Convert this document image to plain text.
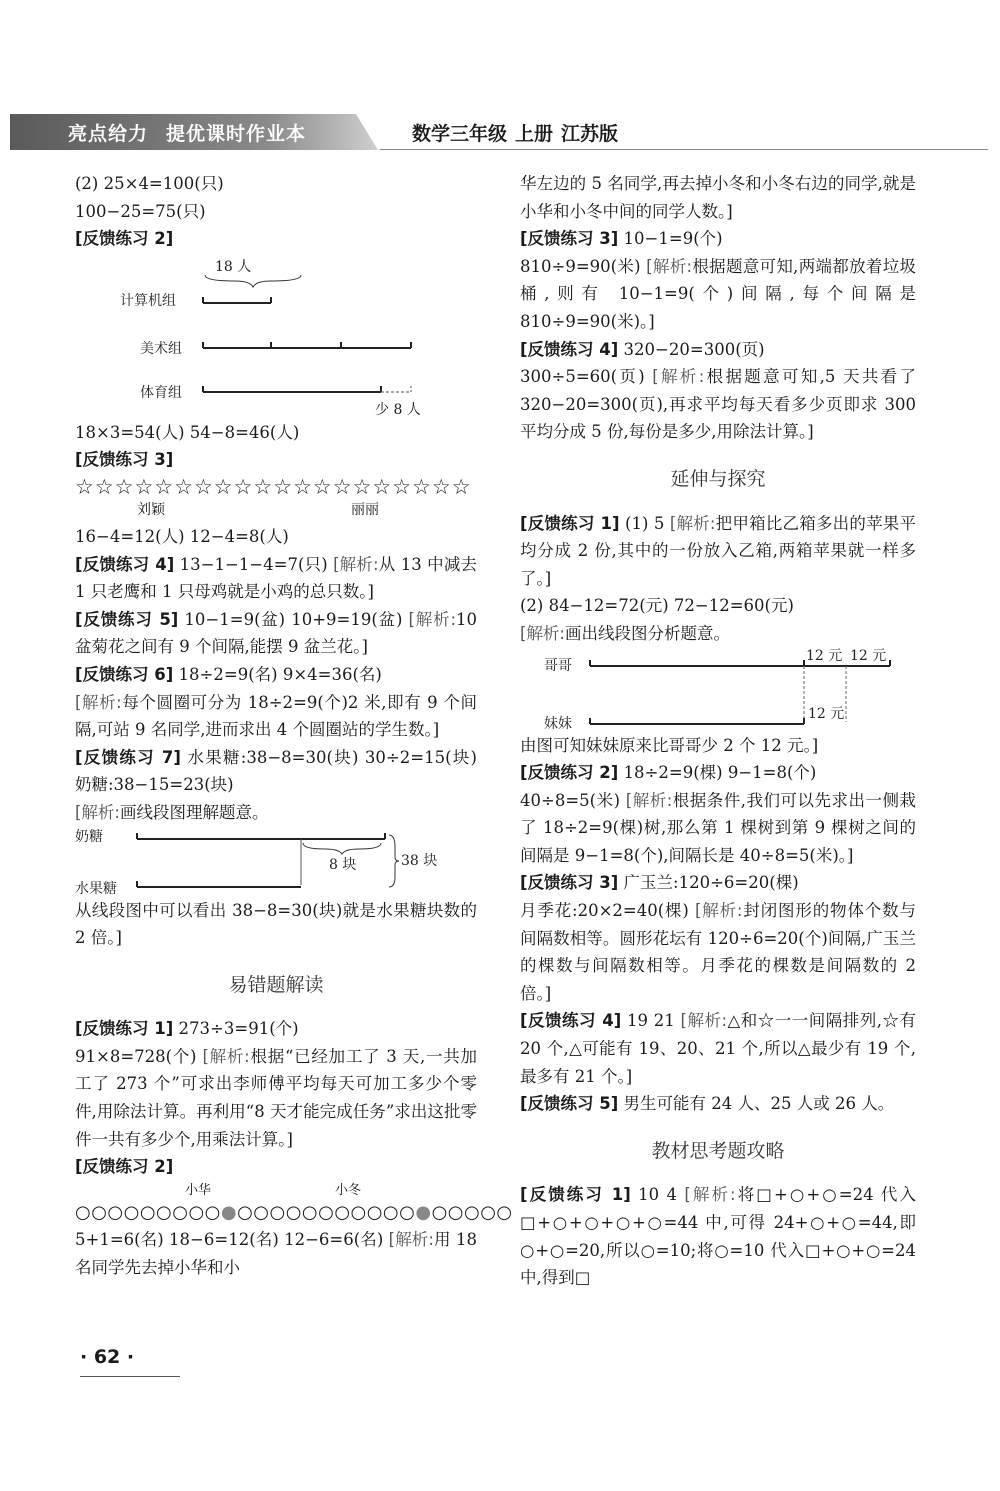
亮点给力 提优课时作业本	数学三年级 上册 江苏版

(2) 25×4=100(只)

100−25=75(只)

[反馈练习 2]

18 人
计算机组
美术组
体育组
少 8 人

18×3=54(人) 54−8=46(人)

[反馈练习 3]

☆☆☆☆☆☆☆☆☆☆☆☆☆☆☆☆☆☆☆☆

刘颖	丽丽

16−4=12(人) 12−4=8(人)

[反馈练习 4] 13−1−1−4=7(只) [解析:从 13 中减去 1 只老鹰和 1 只母鸡就是小鸡的总只数。]

[反馈练习 5] 10−1=9(盆) 10+9=19(盆) [解析:10 盆菊花之间有 9 个间隔,能摆 9 盆兰花。]

[反馈练习 6] 18÷2=9(名) 9×4=36(名)

[解析:每个圆圈可分为 18÷2=9(个)2 米,即有 9 个间隔,可站 9 名同学,进而求出 4 个圆圈站的学生数。]

[反馈练习 7] 水果糖:38−8=30(块) 30÷2=15(块) 奶糖:38−15=23(块)

[解析:画线段图理解题意。

奶糖
8 块	38 块
水果糖

从线段图中可以看出 38−8=30(块)就是水果糖块数的 2 倍。]

易错题解读

[反馈练习 1] 273÷3=91(个)

91×8=728(个) [解析:根据“已经加工了 3 天,一共加工了 273 个”可求出李师傅平均每天可加工多少个零件,用除法计算。再利用“8 天才能完成任务”求出这批零件一共有多少个,用乘法计算。]

[反馈练习 2]

小华	小冬

○○○○○○○○○●○○○○○○○○○○○●○○○○○

5+1=6(名) 18−6=12(名) 12−6=6(名) [解析:用 18 名同学先去掉小华和小

华左边的 5 名同学,再去掉小冬和小冬右边的同学,就是小华和小冬中间的同学人数。]

[反馈练习 3] 10−1=9(个)

810÷9=90(米) [解析:根据题意可知,两端都放着垃圾桶,则有 10−1=9(个)间隔,每个间隔是 810÷9=90(米)。]

[反馈练习 4] 320−20=300(页)

300÷5=60(页) [解析:根据题意可知,5 天共看了 320−20=300(页),再求平均每天看多少页即求 300 平均分成 5 份,每份是多少,用除法计算。]

延伸与探究

[反馈练习 1] (1) 5 [解析:把甲箱比乙箱多出的苹果平均分成 2 份,其中的一份放入乙箱,两箱苹果就一样多了。]

(2) 84−12=72(元) 72−12=60(元)

[解析:画出线段图分析题意。

哥哥
12 元 12 元
妹妹
12 元

由图可知妹妹原来比哥哥少 2 个 12 元。]

[反馈练习 2] 18÷2=9(棵) 9−1=8(个)

40÷8=5(米) [解析:根据条件,我们可以先求出一侧栽了 18÷2=9(棵)树,那么第 1 棵树到第 9 棵树之间的间隔是 9−1=8(个),间隔长是 40÷8=5(米)。]

[反馈练习 3] 广玉兰:120÷6=20(棵)

月季花:20×2=40(棵) [解析:封闭图形的物体个数与间隔数相等。圆形花坛有 120÷6=20(个)间隔,广玉兰的棵数与间隔数相等。月季花的棵数是间隔数的 2 倍。]

[反馈练习 4] 19 21 [解析:△和☆一一间隔排列,☆有 20 个,△可能有 19、20、21 个,所以△最少有 19 个,最多有 21 个。]

[反馈练习 5] 男生可能有 24 人、25 人或 26 人。

教材思考题攻略

[反馈练习 1] 10 4 [解析:将□+○+○=24 代入□+○+○+○+○=44 中,可得 24+○+○=44,即○+○=20,所以○=10;将○=10 代入□+○+○=24 中,得到□

· 62 ·
